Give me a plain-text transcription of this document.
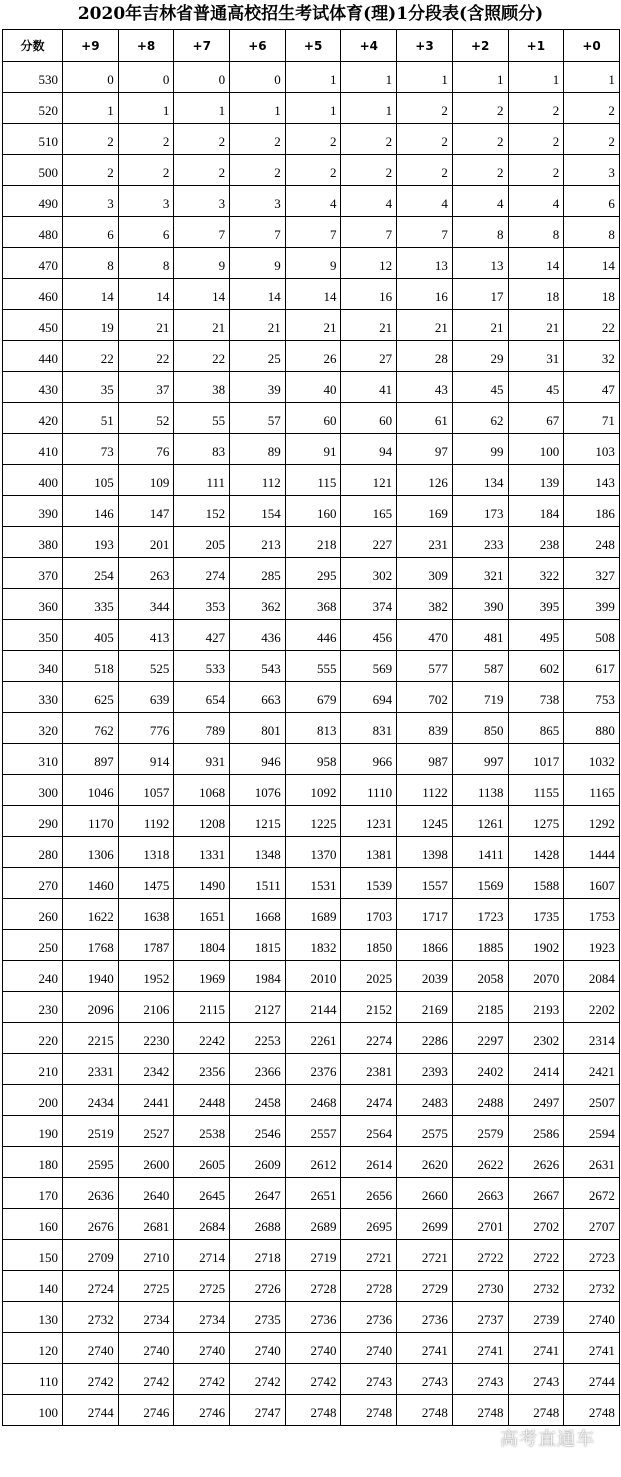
2020年吉林省普通高校招生考试体育(理)1分段表(含照顾分)
分数	+9	+8	+7	+6	+5	+4	+3	+2	+1	+0
530	0	0	0	0	1	1	1	1	1	1
520	1	1	1	1	1	1	2	2	2	2
510	2	2	2	2	2	2	2	2	2	2
500	2	2	2	2	2	2	2	2	2	3
490	3	3	3	3	4	4	4	4	4	6
480	6	6	7	7	7	7	7	8	8	8
470	8	8	9	9	9	12	13	13	14	14
460	14	14	14	14	14	16	16	17	18	18
450	19	21	21	21	21	21	21	21	21	22
440	22	22	22	25	26	27	28	29	31	32
430	35	37	38	39	40	41	43	45	45	47
420	51	52	55	57	60	60	61	62	67	71
410	73	76	83	89	91	94	97	99	100	103
400	105	109	111	112	115	121	126	134	139	143
390	146	147	152	154	160	165	169	173	184	186
380	193	201	205	213	218	227	231	233	238	248
370	254	263	274	285	295	302	309	321	322	327
360	335	344	353	362	368	374	382	390	395	399
350	405	413	427	436	446	456	470	481	495	508
340	518	525	533	543	555	569	577	587	602	617
330	625	639	654	663	679	694	702	719	738	753
320	762	776	789	801	813	831	839	850	865	880
310	897	914	931	946	958	966	987	997	1017	1032
300	1046	1057	1068	1076	1092	1110	1122	1138	1155	1165
290	1170	1192	1208	1215	1225	1231	1245	1261	1275	1292
280	1306	1318	1331	1348	1370	1381	1398	1411	1428	1444
270	1460	1475	1490	1511	1531	1539	1557	1569	1588	1607
260	1622	1638	1651	1668	1689	1703	1717	1723	1735	1753
250	1768	1787	1804	1815	1832	1850	1866	1885	1902	1923
240	1940	1952	1969	1984	2010	2025	2039	2058	2070	2084
230	2096	2106	2115	2127	2144	2152	2169	2185	2193	2202
220	2215	2230	2242	2253	2261	2274	2286	2297	2302	2314
210	2331	2342	2356	2366	2376	2381	2393	2402	2414	2421
200	2434	2441	2448	2458	2468	2474	2483	2488	2497	2507
190	2519	2527	2538	2546	2557	2564	2575	2579	2586	2594
180	2595	2600	2605	2609	2612	2614	2620	2622	2626	2631
170	2636	2640	2645	2647	2651	2656	2660	2663	2667	2672
160	2676	2681	2684	2688	2689	2695	2699	2701	2702	2707
150	2709	2710	2714	2718	2719	2721	2721	2722	2722	2723
140	2724	2725	2725	2726	2728	2728	2729	2730	2732	2732
130	2732	2734	2734	2735	2736	2736	2736	2737	2739	2740
120	2740	2740	2740	2740	2740	2740	2741	2741	2741	2741
110	2742	2742	2742	2742	2742	2743	2743	2743	2743	2744
100	2744	2746	2746	2747	2748	2748	2748	2748	2748	2748
高考直通车
